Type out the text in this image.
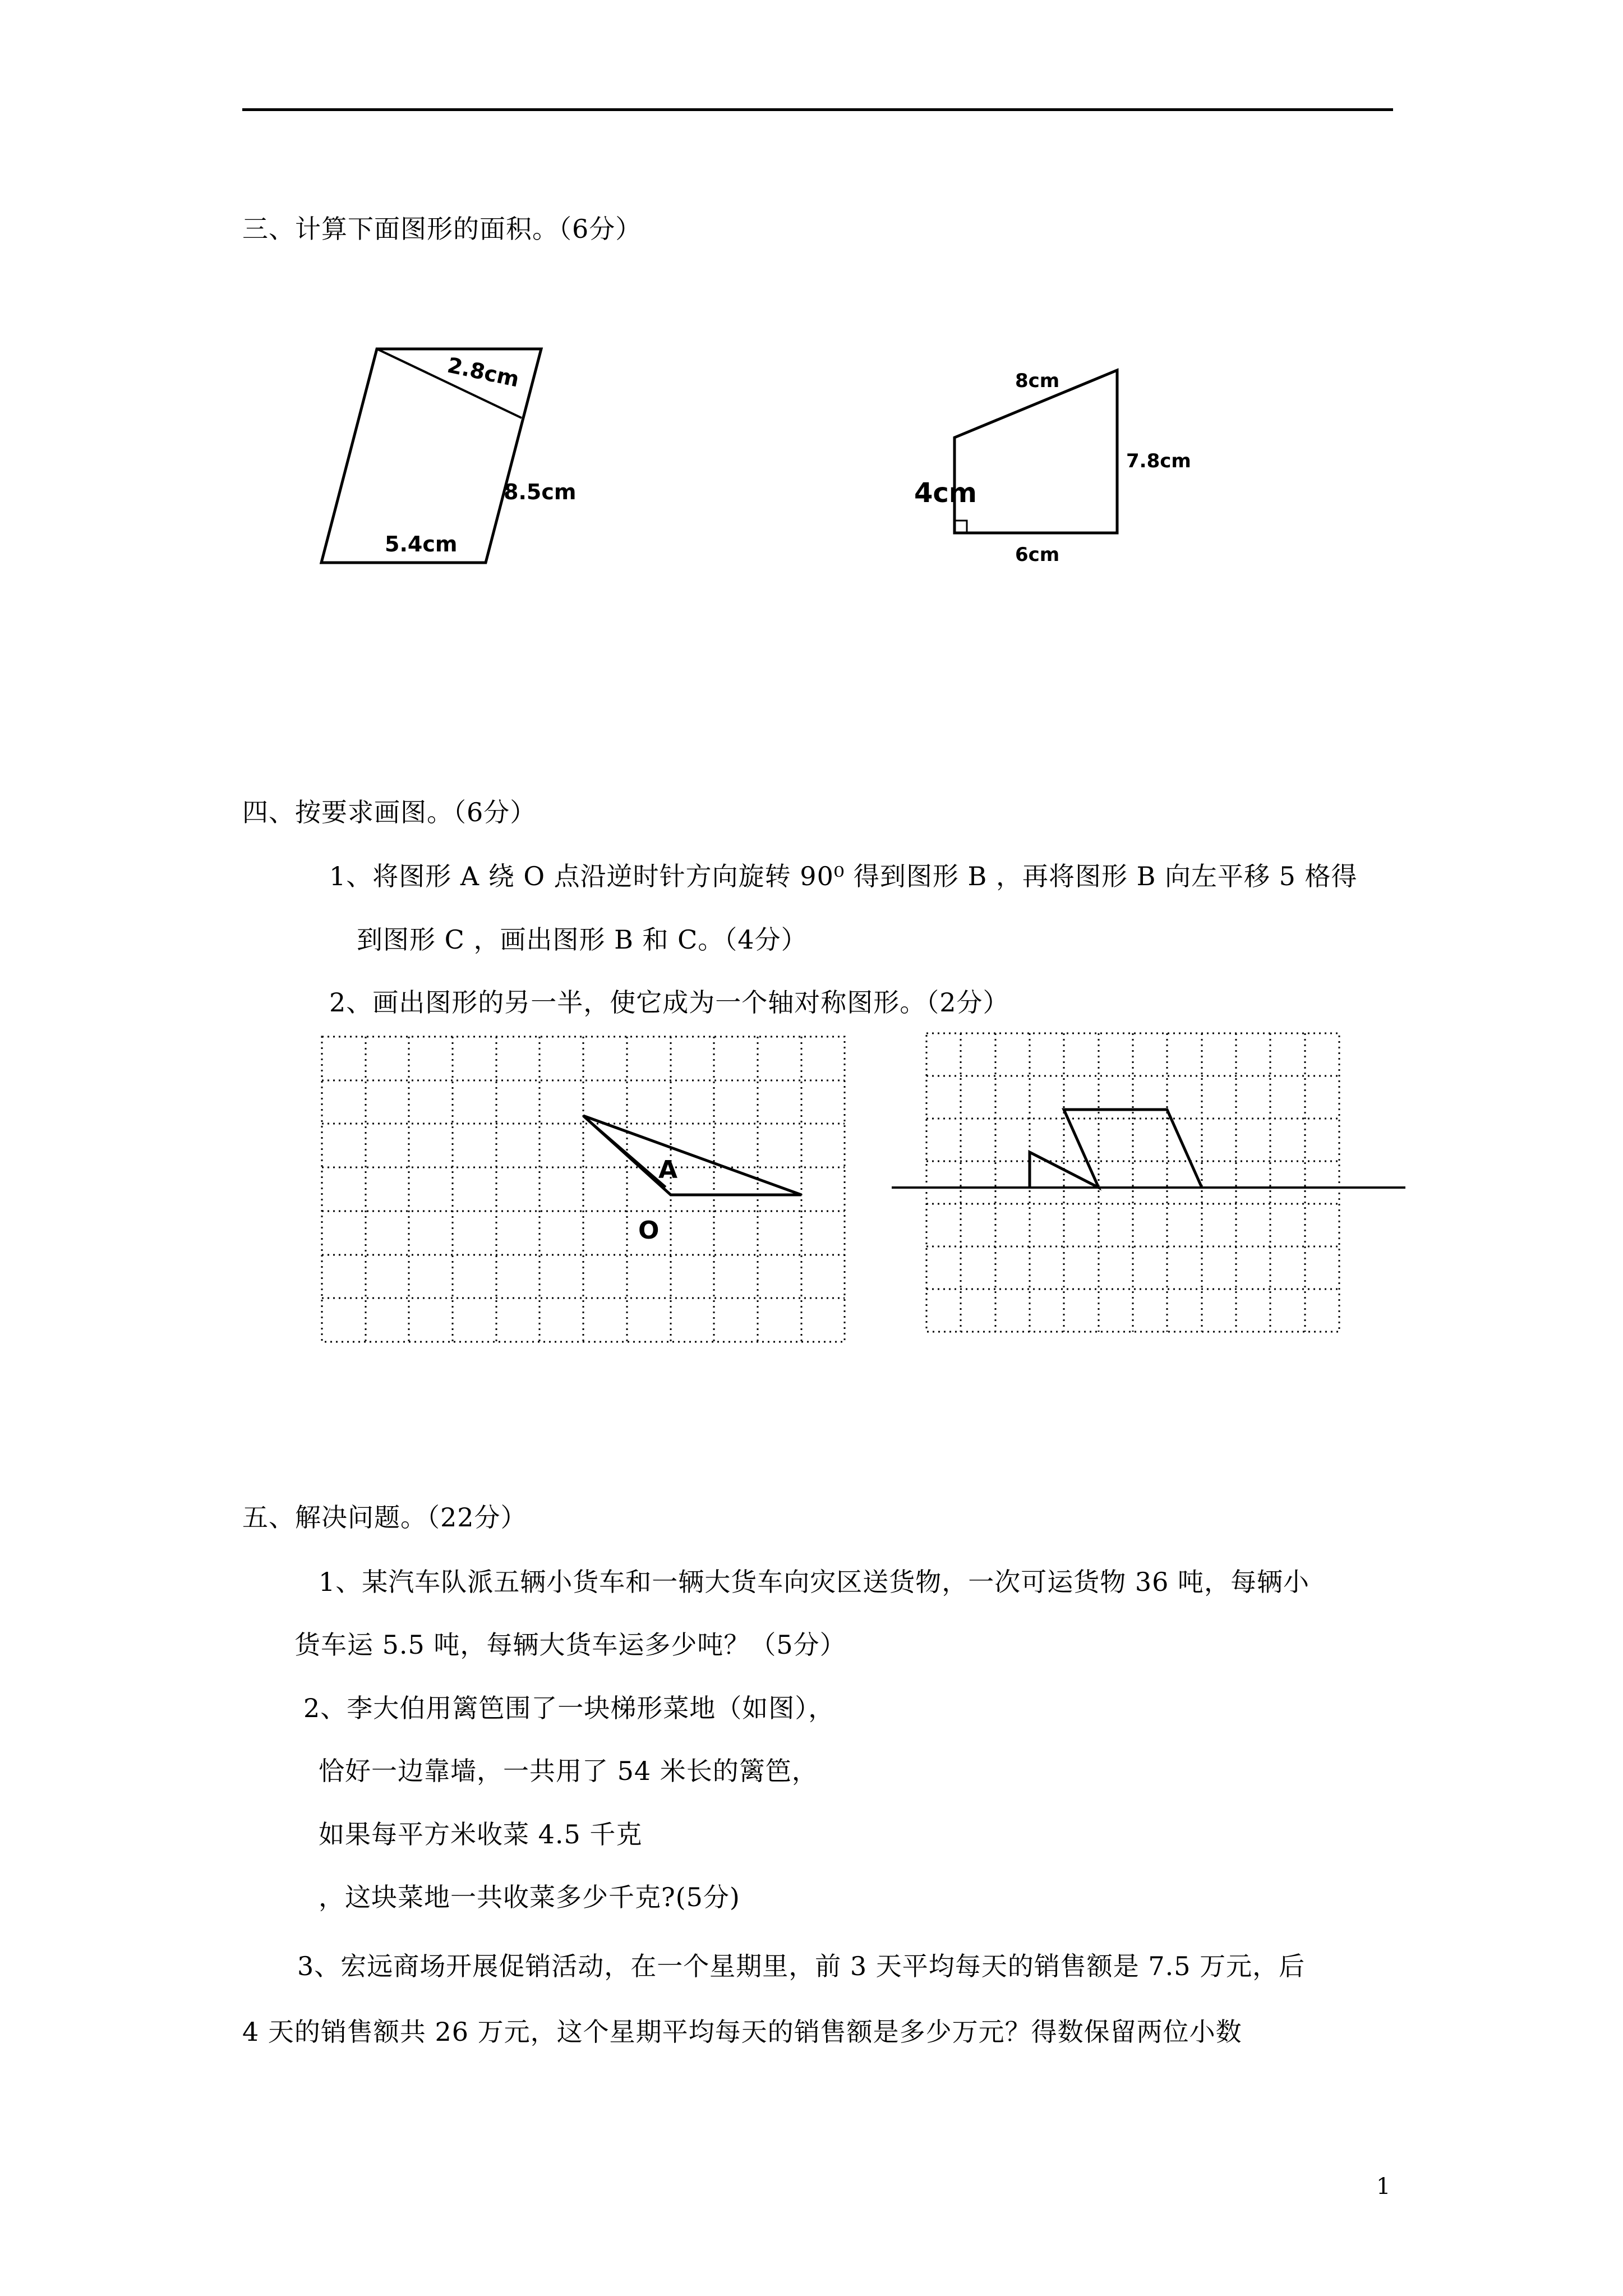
三、计算下面图形的面积。（6分）
2.8cm
8.5cm
5.4cm
8cm
7.8cm
4cm
6cm
四、按要求画图。（6分）
1、将图形 A 绕 O 点沿逆时针方向旋转 90⁰ 得到图形 B ，再将图形 B 向左平移 5 格得
到图形 C ，画出图形 B 和 C。（4分）
2、画出图形的另一半，使它成为一个轴对称图形。（2分）
A
O
五、解决问题。（22分）
1、某汽车队派五辆小货车和一辆大货车向灾区送货物，一次可运货物 36 吨，每辆小
货车运 5.5 吨，每辆大货车运多少吨？（5分）
2、李大伯用篱笆围了一块梯形菜地（如图），
恰好一边靠墙，一共用了 54 米长的篱笆，
如果每平方米收菜 4.5 千克
，这块菜地一共收菜多少千克?(5分)
3、宏远商场开展促销活动，在一个星期里，前 3 天平均每天的销售额是 7.5 万元，后
4 天的销售额共 26 万元，这个星期平均每天的销售额是多少万元？得数保留两位小数
1
